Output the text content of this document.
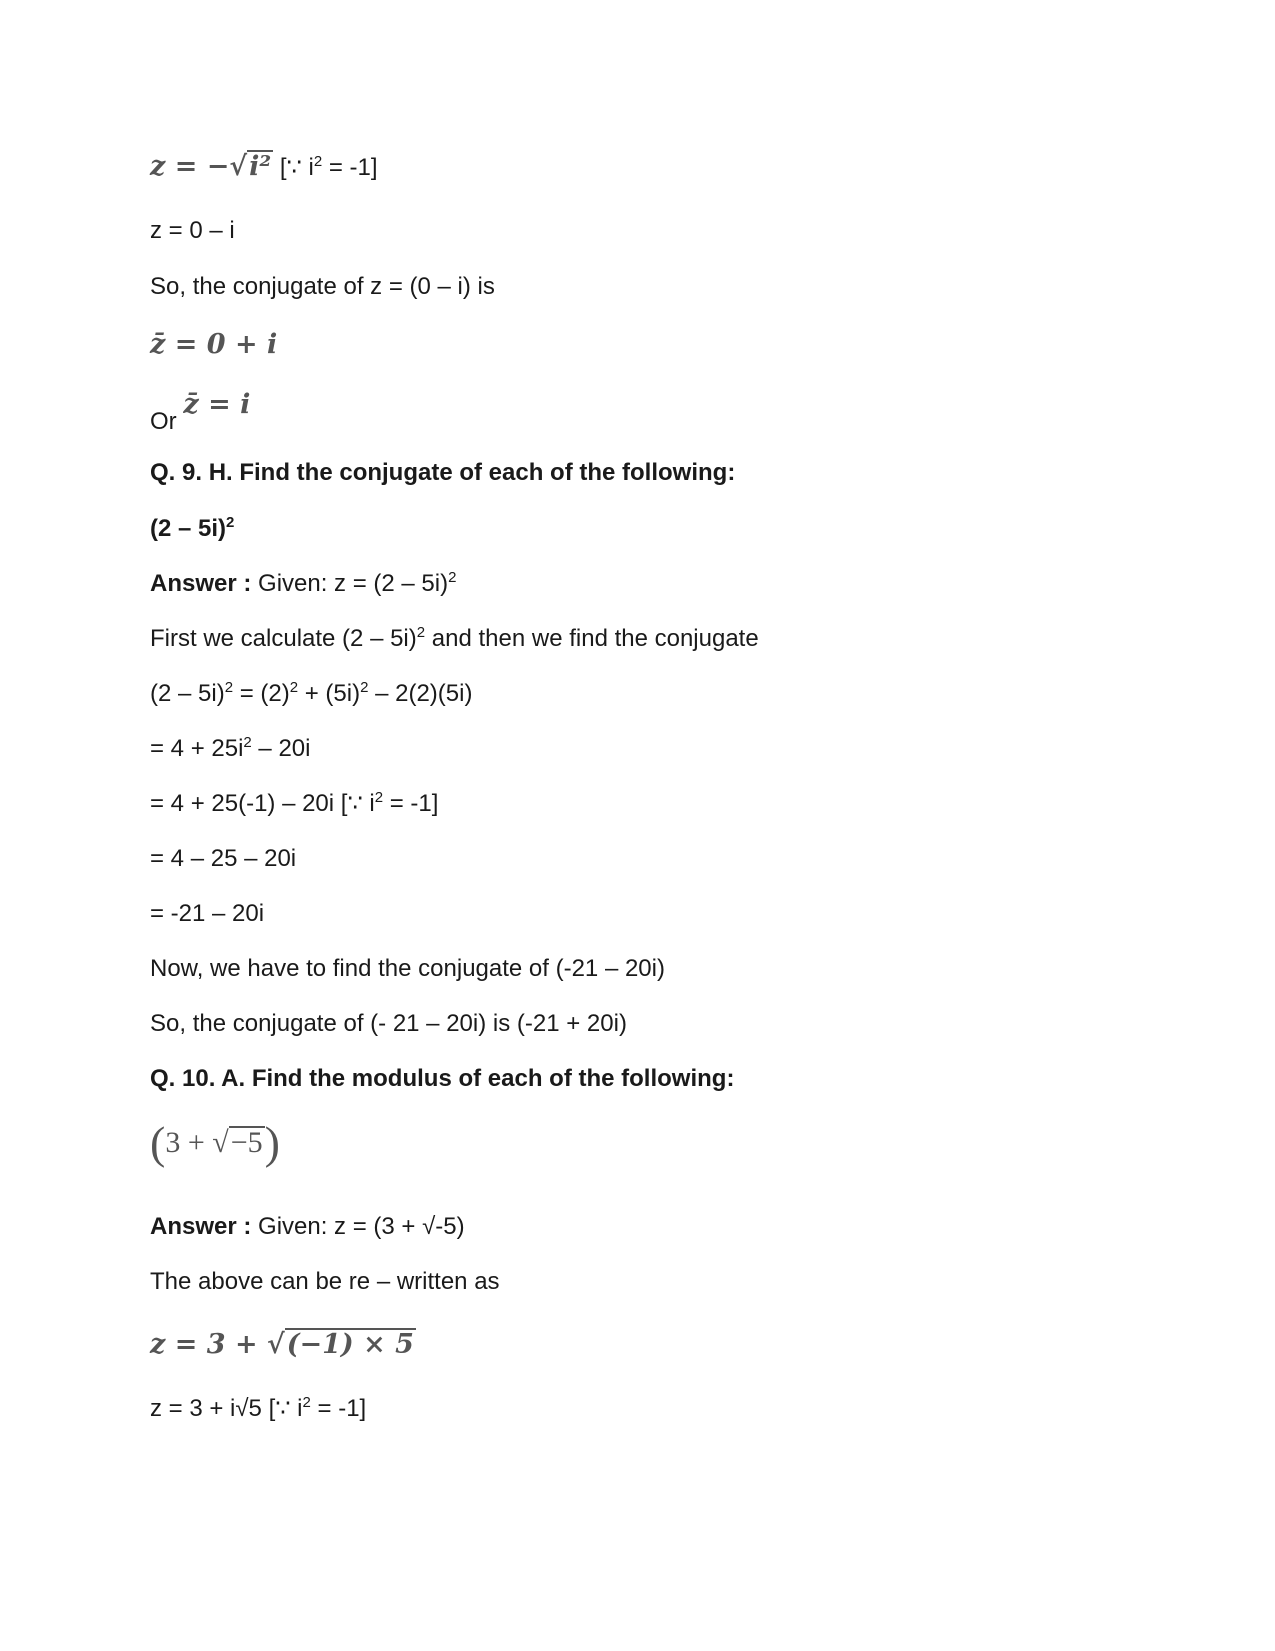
z = −√i² [∵ $i^2 = -1$]
z = 0 – i
So, the conjugate of z = (0 – i) is
z̄ = 0 + i
Or z̄ = i
Q. 9. H. Find the conjugate of each of the following:
(2 – 5i)$^2$
Answer : Given: z = (2 – 5i)$^2$
First we calculate (2 – 5i)$^2$ and then we find the conjugate
$(2 - 5i)^2 = (2)^2 + (5i)^2 - 2(2)(5i)$
= $4 + 25i^2 - 20i$
= 4 + 25(-1) – 20i [∵ $i^2 = -1$]
= 4 – 25 – 20i
= -21 – 20i
Now, we have to find the conjugate of (-21 – 20i)
So, the conjugate of (- 21 – 20i) is (-21 + 20i)
Q. 10. A. Find the modulus of each of the following:
(3 + √−5)
Answer : Given: z = (3 + √-5)
The above can be re – written as
z = 3 + √(−1) × 5
z = 3 + i√5 [∵ $i^2 = -1$]
